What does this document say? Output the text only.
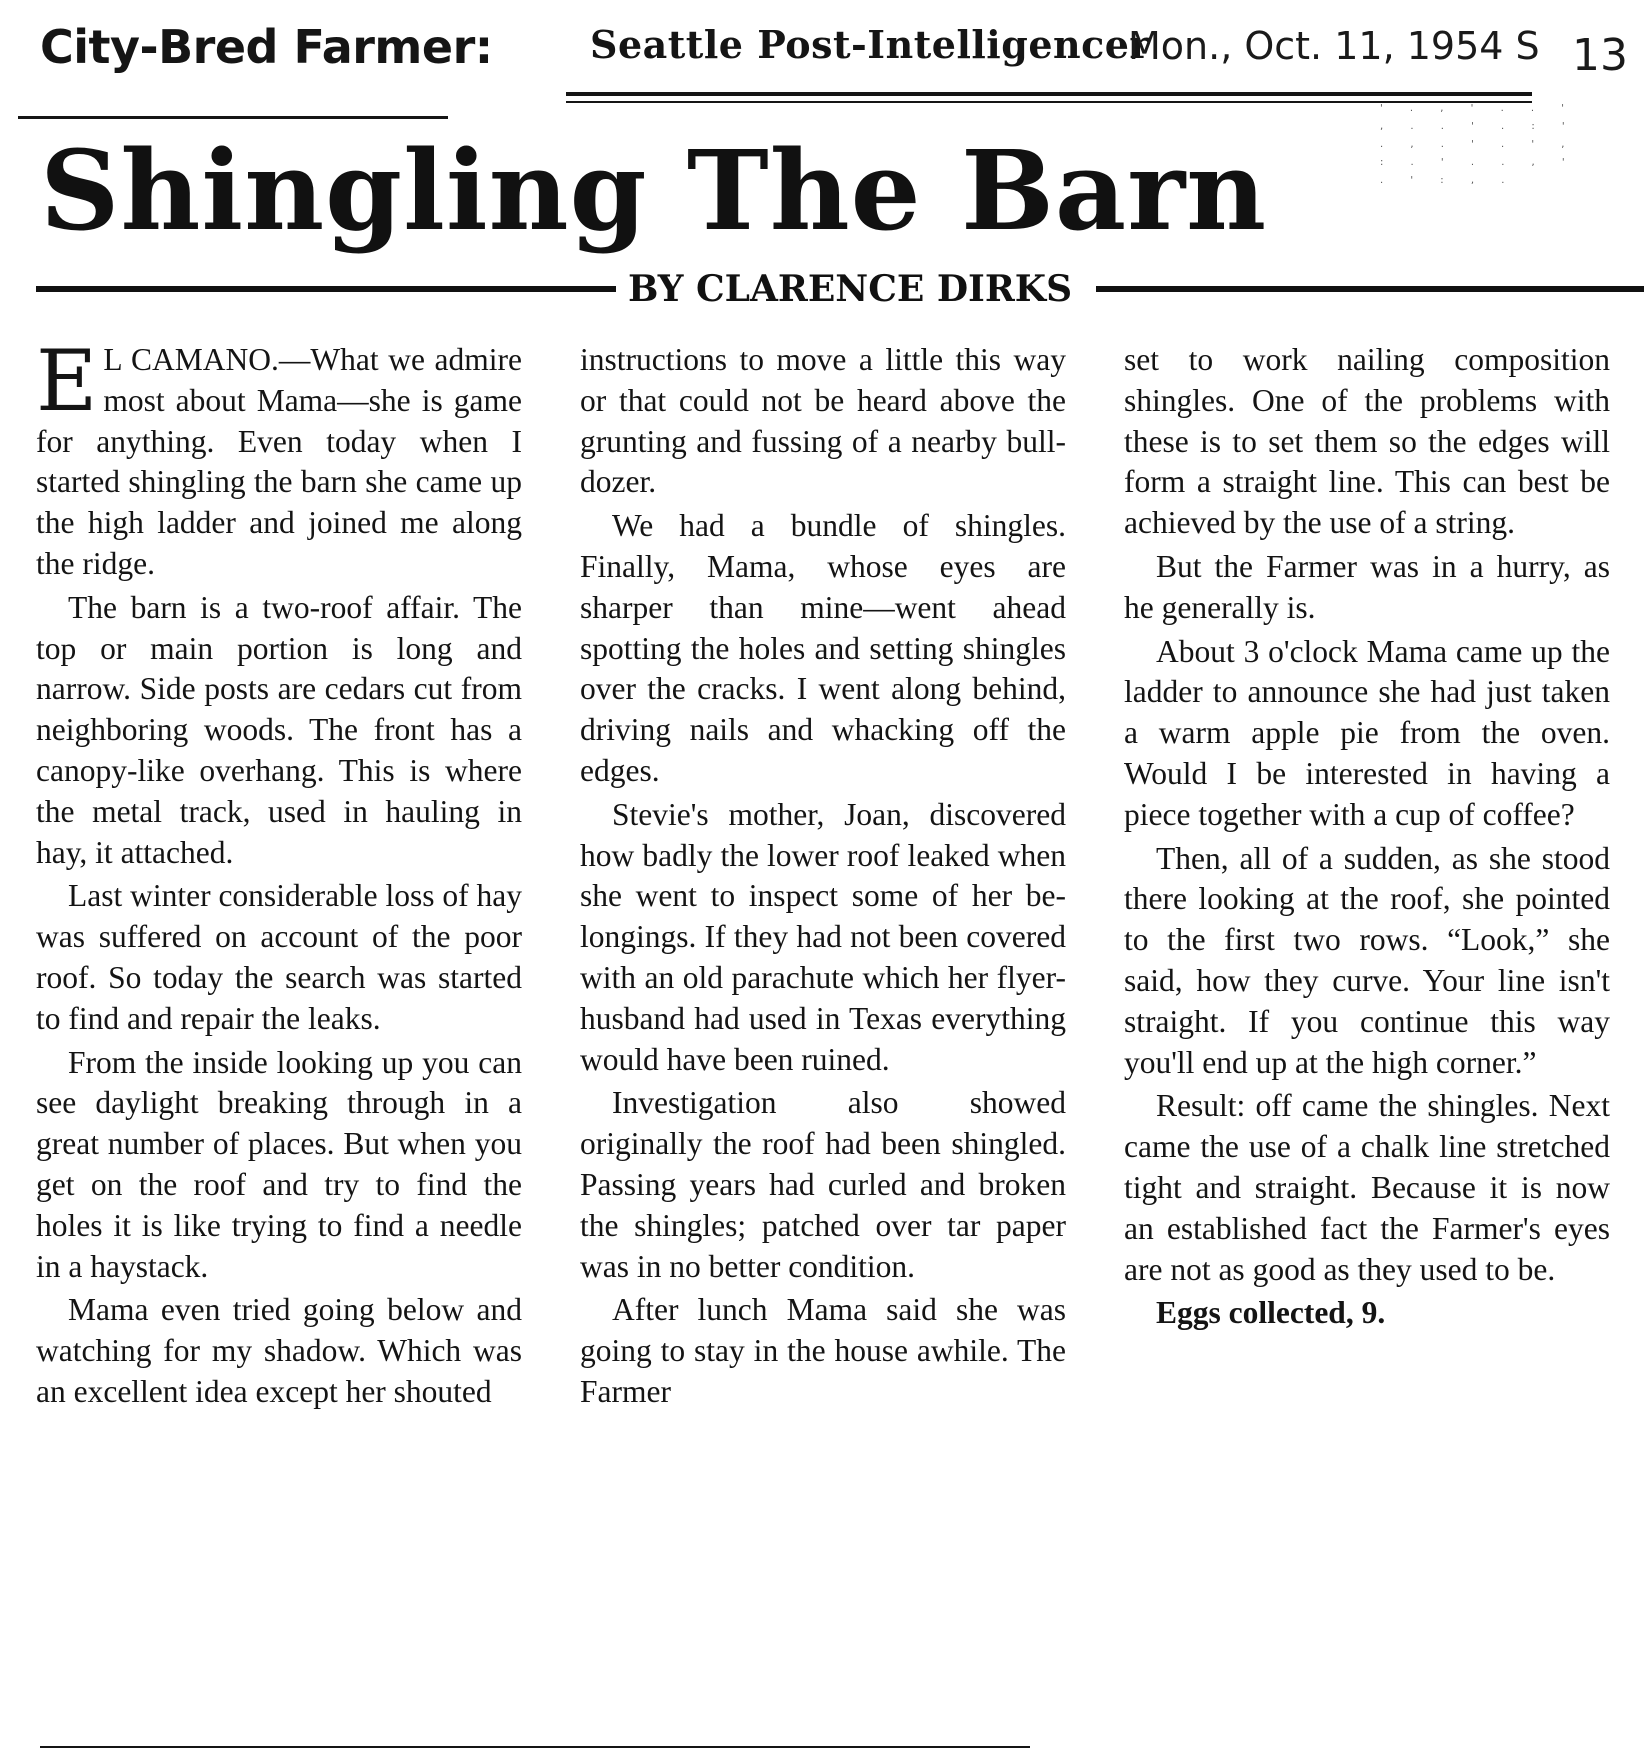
City-Bred Farmer:	Seattle Post-Intelligencer
Mon., Oct. 11, 1954 S 13
Shingling The Barn
BY CLARENCE DIRKS

E L CAMANO.—What we admire most about Mama—she is game for anything. Even today when I started shingling the barn she came up the high ladder and joined me along the ridge.

The barn is a two-roof affair. The top or main portion is long and narrow. Side posts are cedars cut from neighboring woods. The front has a canopy-like overhang. This is where the metal track, used in hauling in hay, it attached.

Last winter considerable loss of hay was suffered on account of the poor roof. So today the search was started to find and repair the leaks.

From the inside looking up you can see daylight breaking through in a great number of places. But when you get on the roof and try to find the holes it is like trying to find a needle in a haystack.

Mama even tried going below and watching for my shadow. Which was an excellent idea except her shouted

instructions to move a little this way or that could not be heard above the grunting and fussing of a nearby bulldozer.

We had a bundle of shingles. Finally, Mama, whose eyes are sharper than mine—went ahead spotting the holes and setting shingles over the cracks. I went along behind, driving nails and whacking off the edges.

Stevie's mother, Joan, discovered how badly the lower roof leaked when she went to inspect some of her belongings. If they had not been covered with an old parachute which her flyer-husband had used in Texas everything would have been ruined.

Investigation also showed originally the roof had been shingled. Passing years had curled and broken the shingles; patched over tar paper was in no better condition.

After lunch Mama said she was going to stay in the house awhile. The Farmer

set to work nailing composition shingles. One of the problems with these is to set them so the edges will form a straight line. This can best be achieved by the use of a string.

But the Farmer was in a hurry, as he generally is.

About 3 o'clock Mama came up the ladder to announce she had just taken a warm apple pie from the oven. Would I be interested in having a piece together with a cup of coffee?

Then, all of a sudden, as she stood there looking at the roof, she pointed to the first two rows. “Look,” she said, how they curve. Your line isn't straight. If you continue this way you'll end up at the high corner.”

Result: off came the shingles. Next came the use of a chalk line stretched tight and straight. Because it is now an established fact the Farmer's eyes are not as good as they used to be.

Eggs collected, 9.

' . , ' . . ' , . . ' . : ' . , . ' . ' , : . ' . . , ' . ' : , .
